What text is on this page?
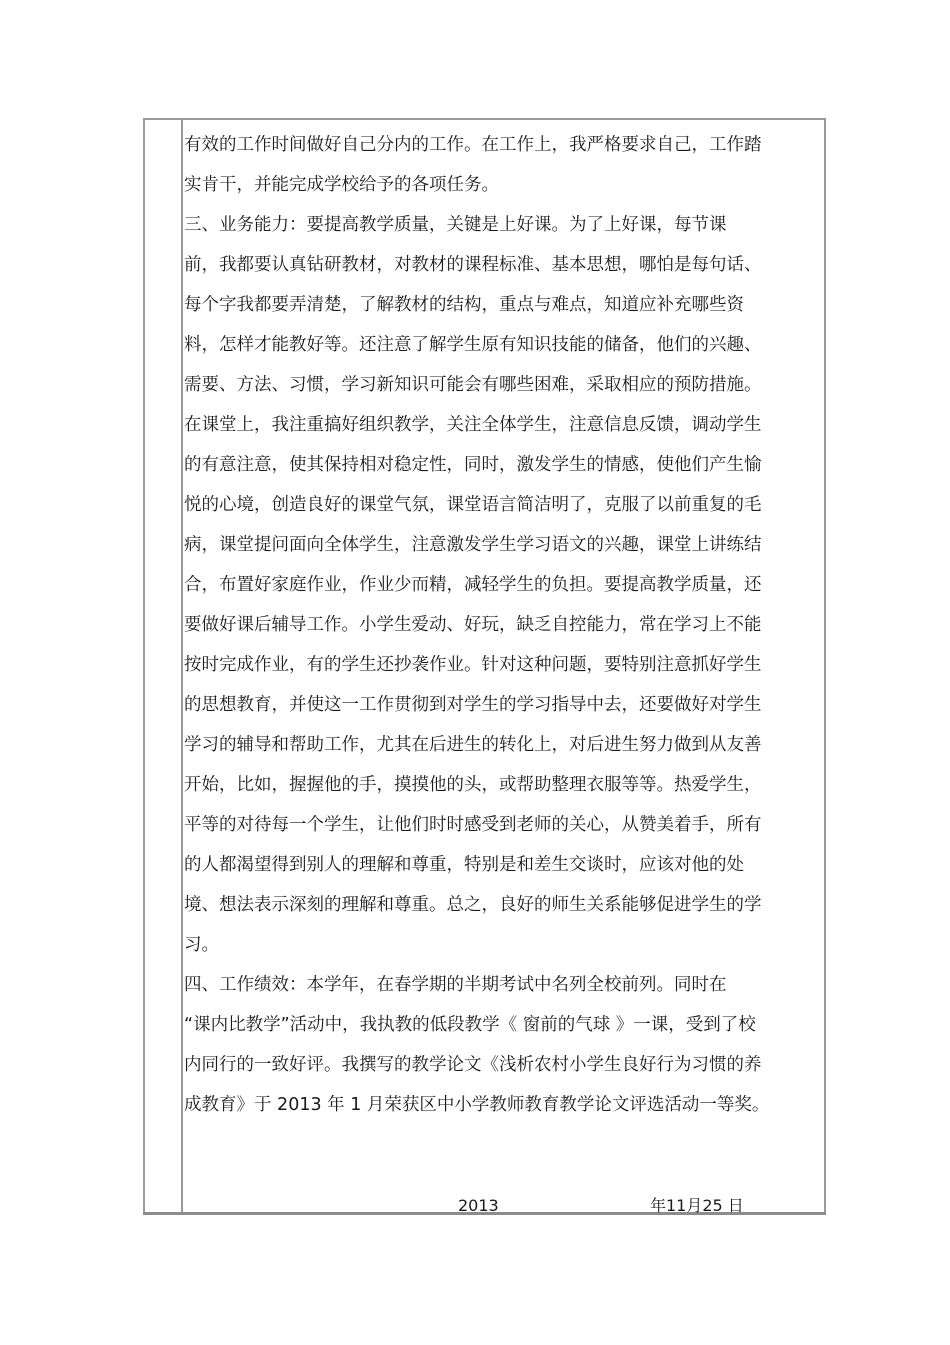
有效的工作时间做好自己分内的工作。在工作上，我严格要求自己，工作踏
实肯干，并能完成学校给予的各项任务。
三、业务能力：要提高教学质量，关键是上好课。为了上好课，每节课
前，我都要认真钻研教材，对教材的课程标准、基本思想，哪怕是每句话、
每个字我都要弄清楚，了解教材的结构，重点与难点，知道应补充哪些资
料，怎样才能教好等。还注意了解学生原有知识技能的储备，他们的兴趣、
需要、方法、习惯，学习新知识可能会有哪些困难，采取相应的预防措施。
在课堂上，我注重搞好组织教学，关注全体学生，注意信息反馈，调动学生
的有意注意，使其保持相对稳定性，同时，激发学生的情感，使他们产生愉
悦的心境，创造良好的课堂气氛，课堂语言简洁明了，克服了以前重复的毛
病，课堂提问面向全体学生，注意激发学生学习语文的兴趣，课堂上讲练结
合，布置好家庭作业，作业少而精，减轻学生的负担。要提高教学质量，还
要做好课后辅导工作。小学生爱动、好玩，缺乏自控能力，常在学习上不能
按时完成作业，有的学生还抄袭作业。针对这种问题，要特别注意抓好学生
的思想教育，并使这一工作贯彻到对学生的学习指导中去，还要做好对学生
学习的辅导和帮助工作，尤其在后进生的转化上，对后进生努力做到从友善
开始，比如，握握他的手，摸摸他的头，或帮助整理衣服等等。热爱学生，
平等的对待每一个学生，让他们时时感受到老师的关心，从赞美着手，所有
的人都渴望得到别人的理解和尊重，特别是和差生交谈时，应该对他的处
境、想法表示深刻的理解和尊重。总之，良好的师生关系能够促进学生的学
习。
四、工作绩效：本学年，在春学期的半期考试中名列全校前列。同时在
“课内比教学”活动中，我执教的低段教学《 窗前的气球 》一课，受到了校
内同行的一致好评。我撰写的教学论文《浅析农村小学生良好行为习惯的养
成教育》于 2013 年 1 月荣获区中小学教师教育教学论文评选活动一等奖。
2013	年11月25 日
